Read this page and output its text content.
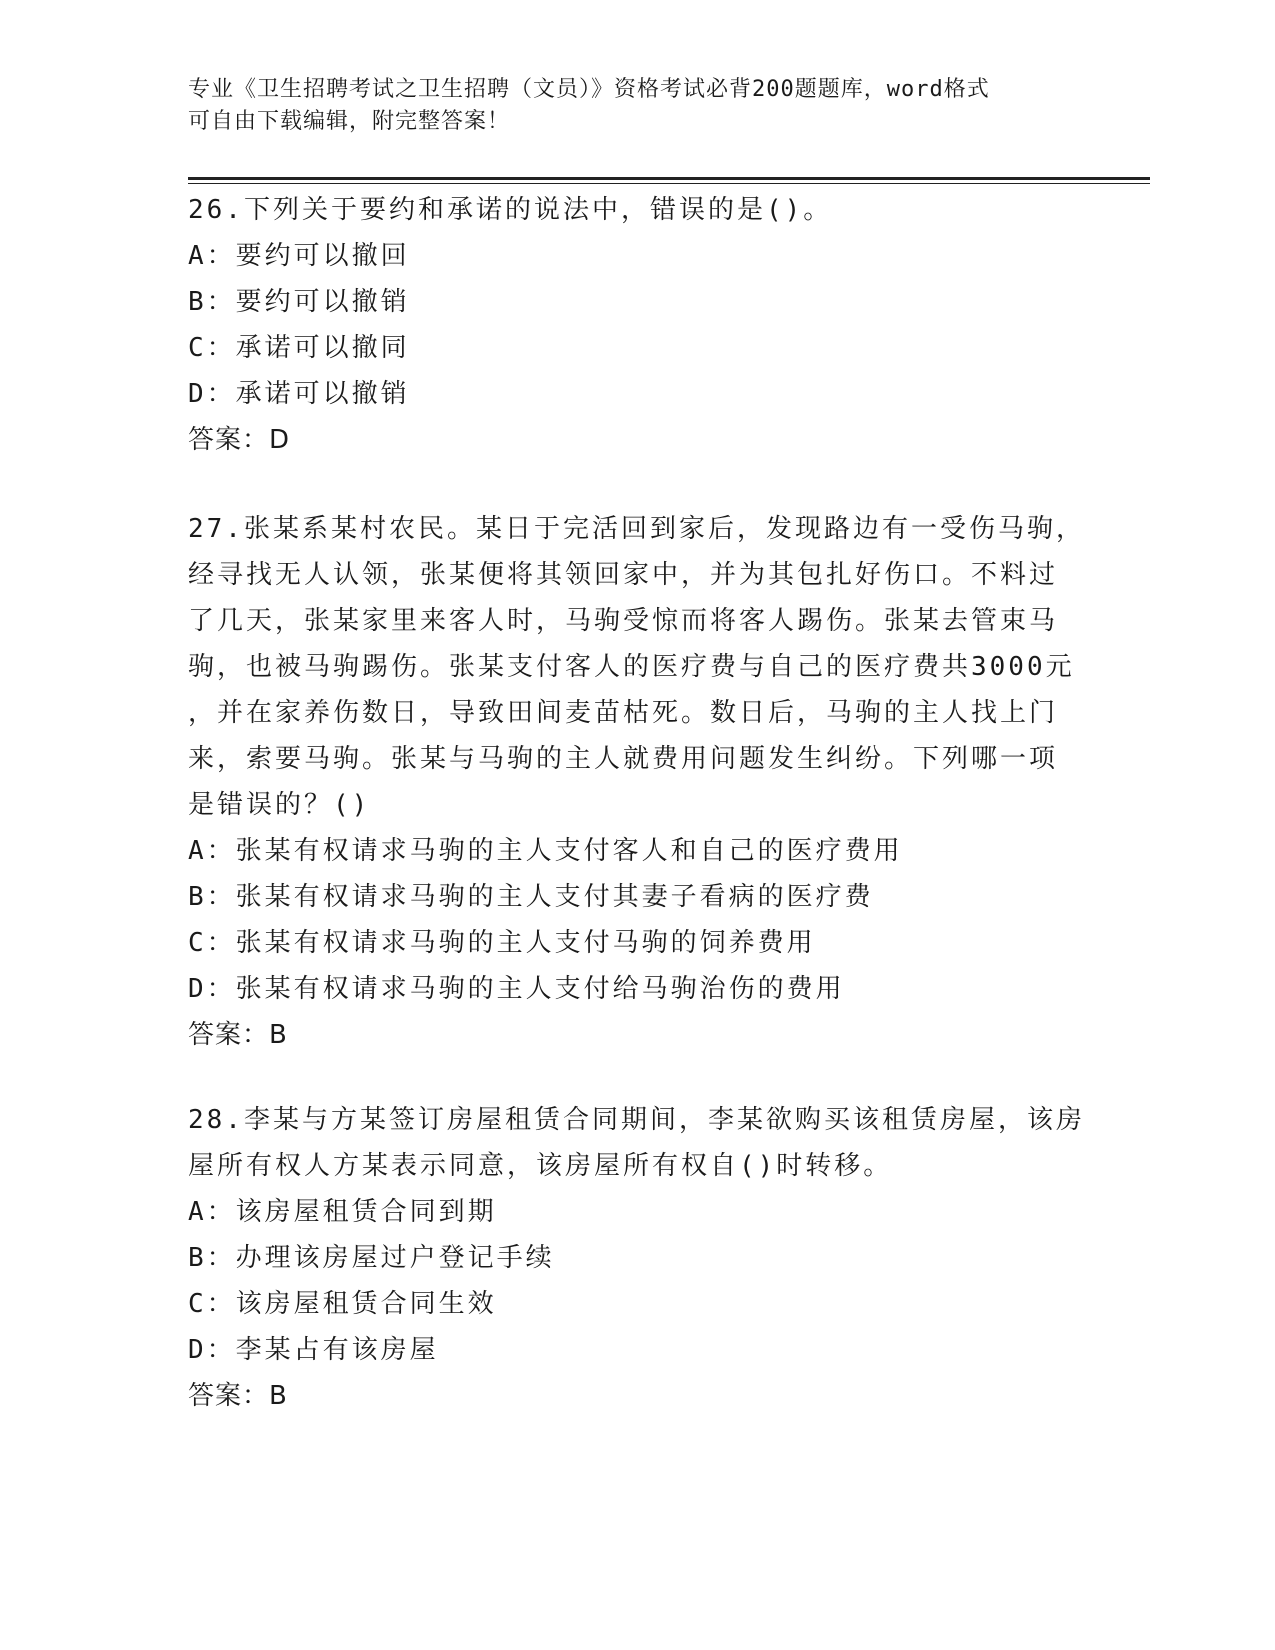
专业《卫生招聘考试之卫生招聘（文员）》资格考试必背200题题库，word格式
可自由下载编辑，附完整答案！
26.下列关于要约和承诺的说法中，错误的是()。
A：要约可以撤回
B：要约可以撤销
C：承诺可以撤同
D：承诺可以撤销
答案：D
27.张某系某村农民。某日于完活回到家后，发现路边有一受伤马驹，
经寻找无人认领，张某便将其领回家中，并为其包扎好伤口。不料过
了几天，张某家里来客人时，马驹受惊而将客人踢伤。张某去管束马
驹，也被马驹踢伤。张某支付客人的医疗费与自己的医疗费共3000元
，并在家养伤数日，导致田间麦苗枯死。数日后，马驹的主人找上门
来，索要马驹。张某与马驹的主人就费用问题发生纠纷。下列哪一项
是错误的？()
A：张某有权请求马驹的主人支付客人和自己的医疗费用
B：张某有权请求马驹的主人支付其妻子看病的医疗费
C：张某有权请求马驹的主人支付马驹的饲养费用
D：张某有权请求马驹的主人支付给马驹治伤的费用
答案：B
28.李某与方某签订房屋租赁合同期间，李某欲购买该租赁房屋，该房
屋所有权人方某表示同意，该房屋所有权自()时转移。
A：该房屋租赁合同到期
B：办理该房屋过户登记手续
C：该房屋租赁合同生效
D：李某占有该房屋
答案：B
